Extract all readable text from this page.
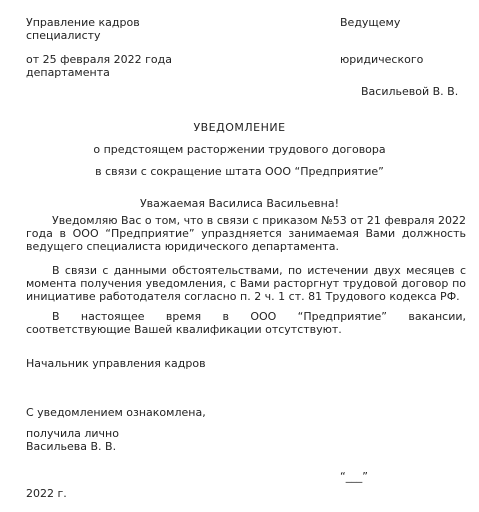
Управление кадров	Ведущему
специалисту
от 25 февраля 2022 года	юридического
департамента
Васильевой В. В.
УВЕДОМЛЕНИЕ
о предстоящем расторжении трудового договора
в связи с сокращение штата ООО “Предприятие”
Уважаемая Василиса Васильевна!
Уведомляю Вас о том, что в связи с приказом №53 от 21 февраля 2022 года в ООО “Предприятие” упраздняется занимаемая Вами должность ведущего специалиста юридического департамента.
В связи с данными обстоятельствами, по истечении двух месяцев с момента получения уведомления, с Вами расторгнут трудовой договор по инициативе работодателя согласно п. 2 ч. 1 ст. 81 Трудового кодекса РФ.
В настоящее время в ООО “Предприятие” вакансии, соответствующие Вашей квалификации отсутствуют.
Начальник управления кадров
С уведомлением ознакомлена,
получила лично
Васильева В. В.
“___”
2022 г.
